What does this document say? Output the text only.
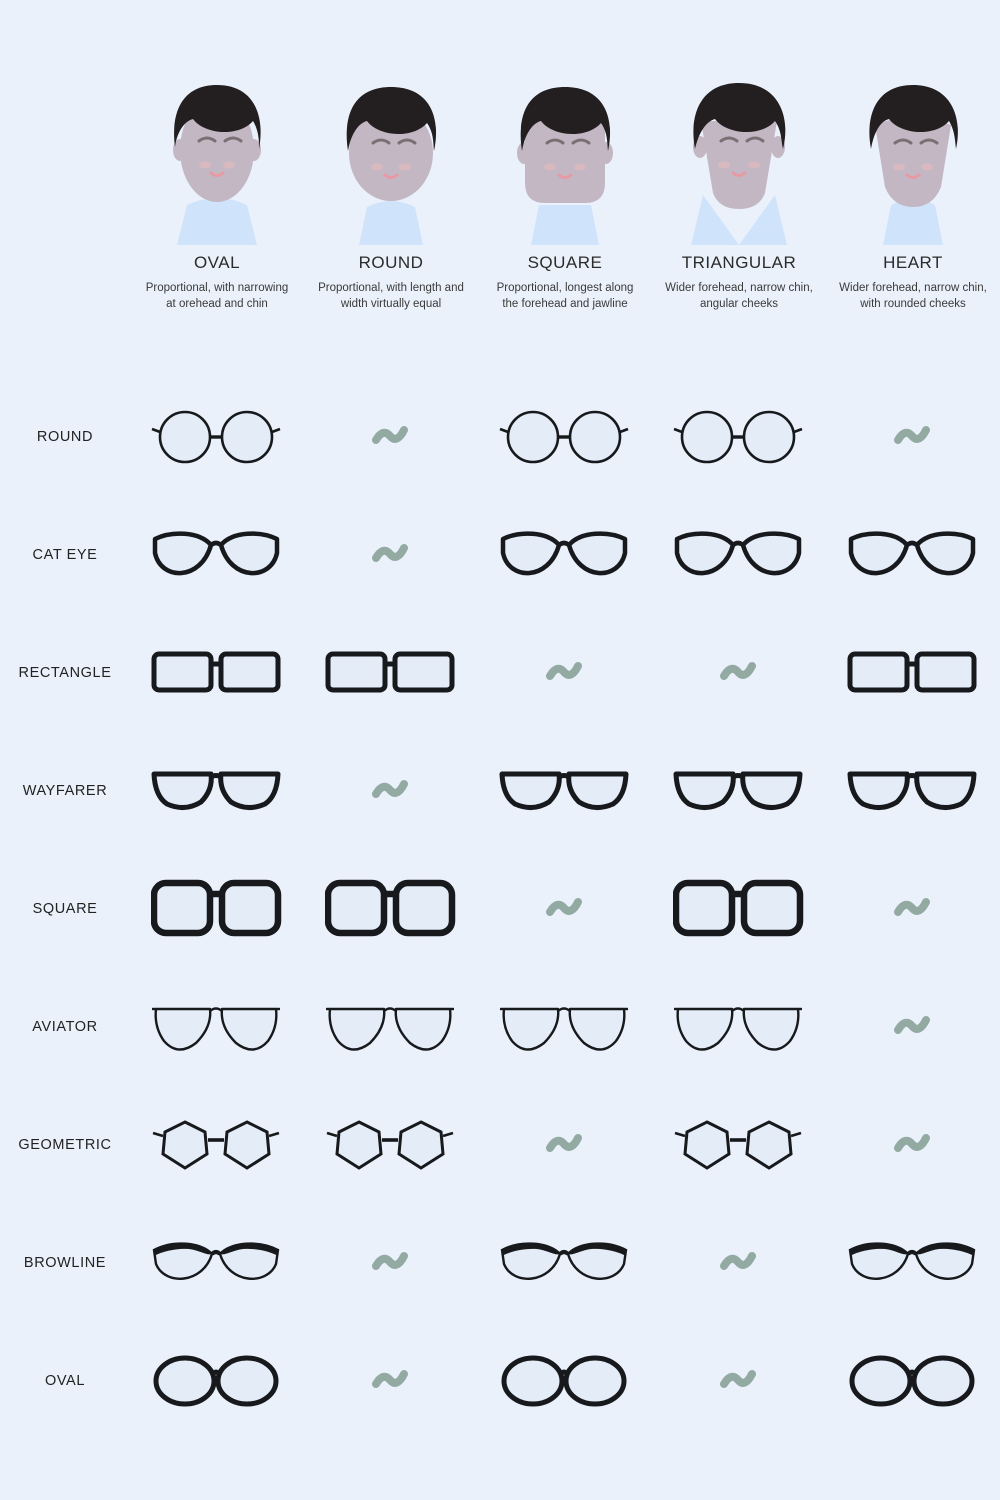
OVAL
Proportional, with narrowing at orehead and chin
ROUND
Proportional, with length and width virtually equal
SQUARE
Proportional, longest along the forehead and jawline
TRIANGULAR
Wider forehead, narrow chin, angular cheeks
HEART
Wider forehead, narrow chin, with rounded cheeks
ROUND
CAT EYE
RECTANGLE
WAYFARER
SQUARE
AVIATOR
GEOMETRIC
BROWLINE
OVAL
